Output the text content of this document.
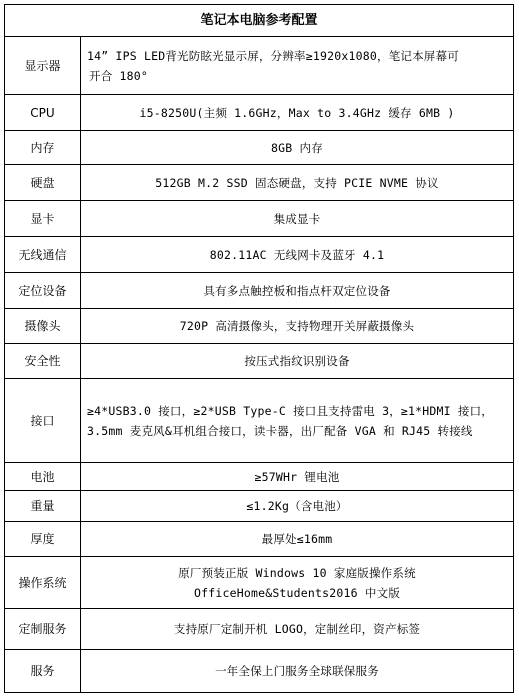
笔记本电脑参考配置	
显示器	14” IPS LED背光防眩光显示屏，分辨率≥1920x1080，笔记本屏幕可
开合 180°

CPU	i5-8250U(主频 1.6GHz，Max to 3.4GHz 缓存 6MB )
内存	8GB 内存
硬盘	512GB M.2 SSD 固态硬盘，支持 PCIE NVME 协议
显卡	集成显卡
无线通信	802.11AC 无线网卡及蓝牙 4.1
定位设备	具有多点触控板和指点杆双定位设备
摄像头	720P 高清摄像头，支持物理开关屏蔽摄像头
安全性	按压式指纹识别设备
接口	≥4*USB3.0 接口，≥2*USB Type-C 接口且支持雷电 3，≥1*HDMI 接口，
3.5mm 麦克风&耳机组合接口，读卡器，出厂配备 VGA 和 RJ45 转接线

电池	≥57WHr 锂电池
重量	≤1.2Kg（含电池）
厚度	最厚处≤16mm
操作系统	原厂预装正版 Windows 10 家庭版操作系统
OfficeHome&Students2016 中文版

定制服务	支持原厂定制开机 LOGO，定制丝印，资产标签
服务	一年全保上门服务全球联保服务
